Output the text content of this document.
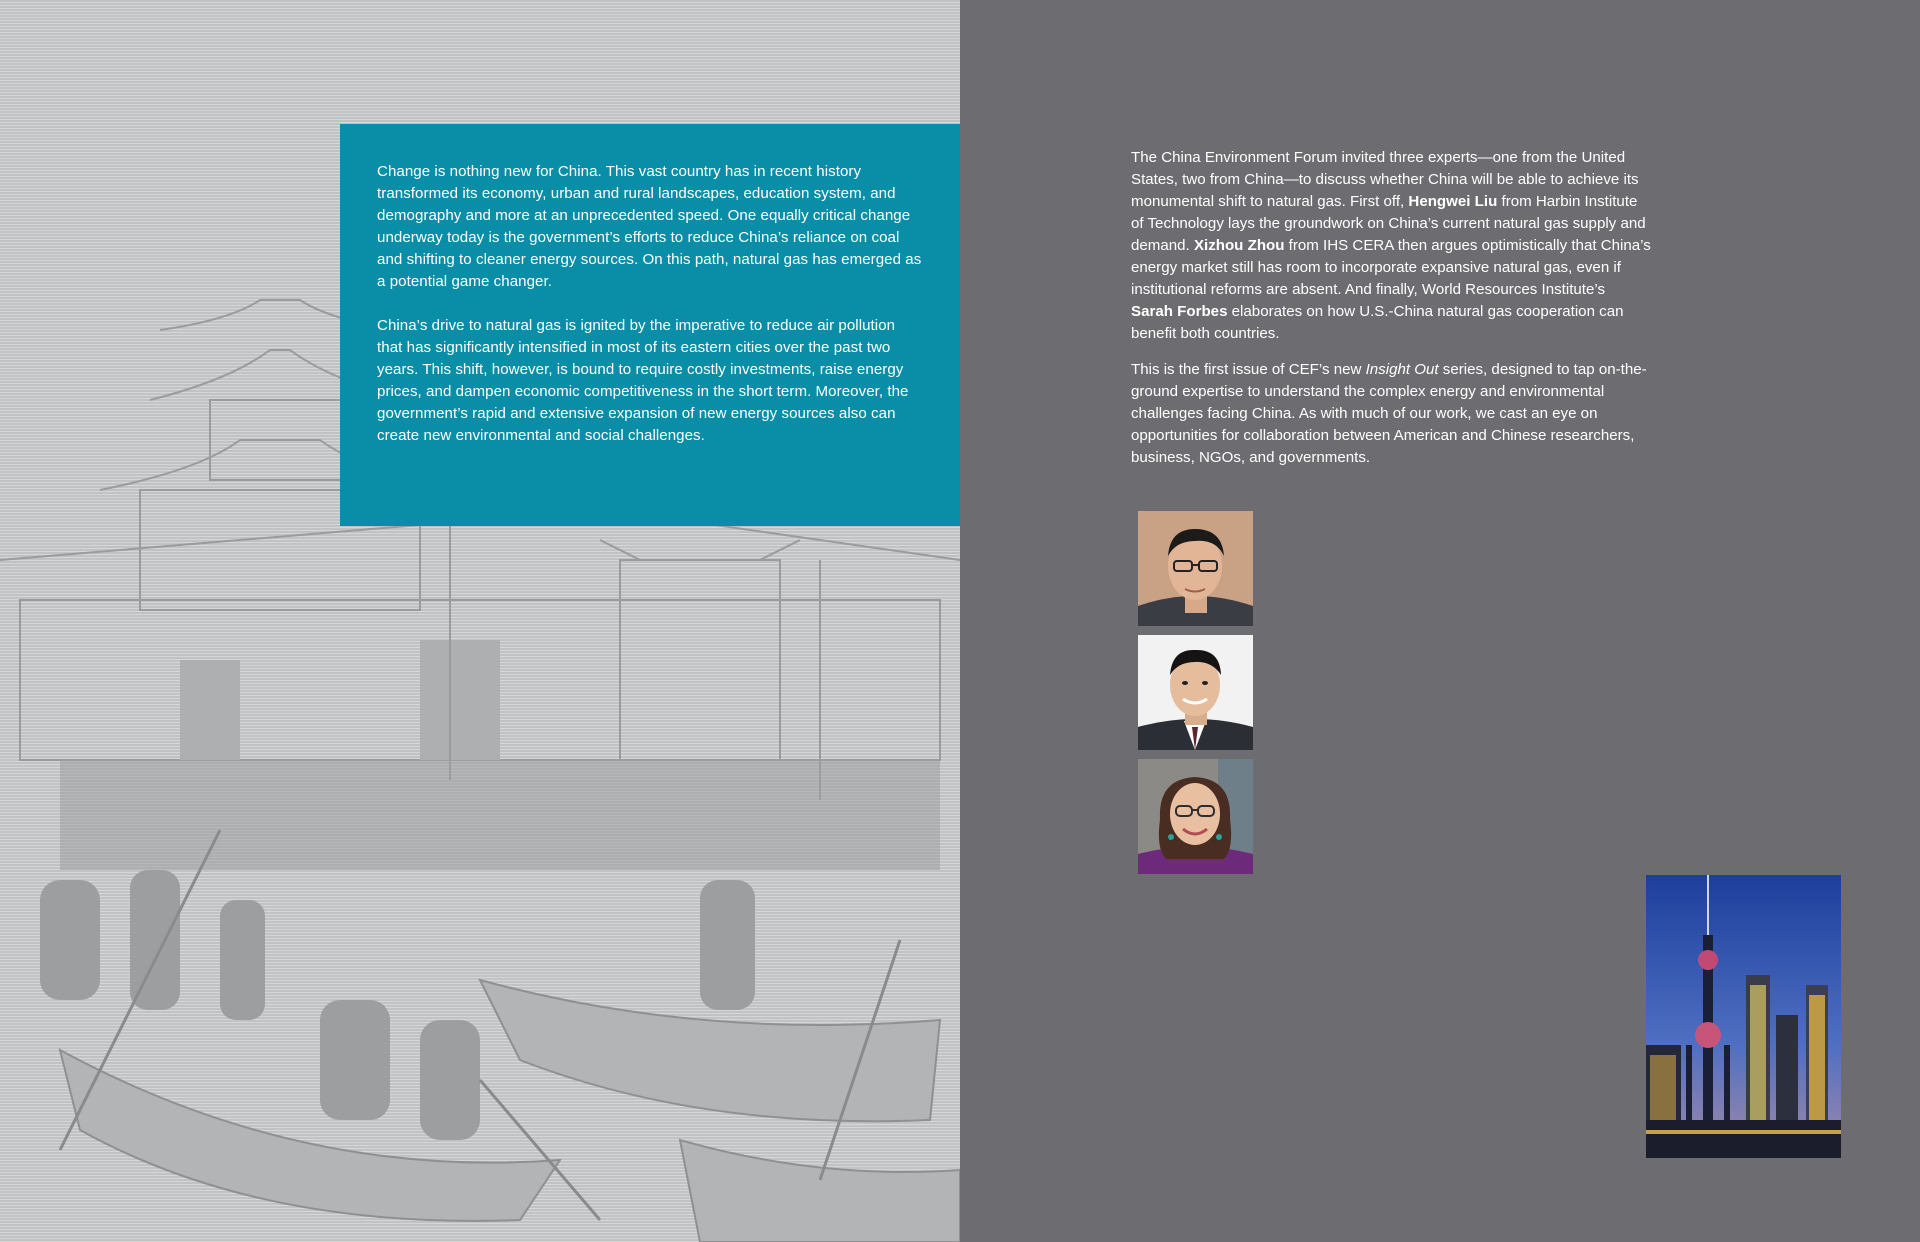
Change is nothing new for China. This vast country has in recent history transformed its economy, urban and rural landscapes, education system, and demography and more at an unprecedented speed. One equally critical change underway today is the government’s efforts to reduce China’s reliance on coal and shifting to cleaner energy sources. On this path, natural gas has emerged as a potential game changer.

China’s drive to natural gas is ignited by the imperative to reduce air pollution that has significantly intensified in most of its eastern cities over the past two years. This shift, however, is bound to require costly investments, raise energy prices, and dampen economic competitiveness in the short term. Moreover, the government’s rapid and extensive expansion of new energy sources also can create new environmental and social challenges.

The China Environment Forum invited three experts—one from the United States, two from China—to discuss whether China will be able to achieve its monumental shift to natural gas. First off, Hengwei Liu from Harbin Institute of Technology lays the groundwork on China’s current natural gas supply and demand. Xizhou Zhou from IHS CERA then argues optimistically that China’s energy market still has room to incorporate expansive natural gas, even if institutional reforms are absent. And finally, World Resources Institute’s Sarah Forbes elaborates on how U.S.-China natural gas cooperation can benefit both countries.

This is the first issue of CEF’s new Insight Out series, designed to tap on-the-ground expertise to understand the complex energy and environmental challenges facing China. As with much of our work, we cast an eye on opportunities for collaboration between American and Chinese researchers, business, NGOs, and governments.
